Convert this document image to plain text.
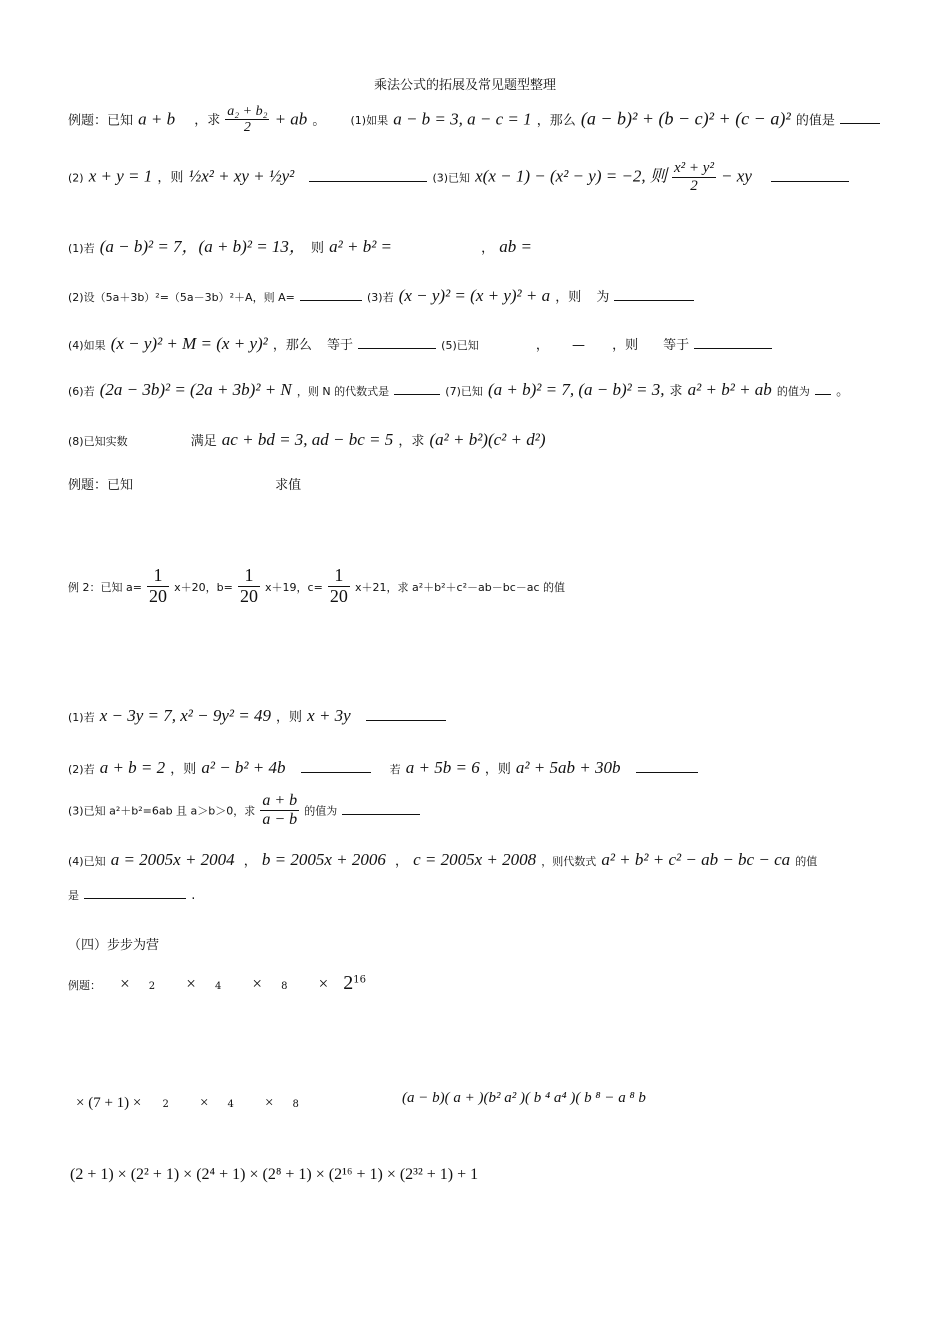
乘法公式的拓展及常见题型整理
例题：已知 a + b ，求 $\frac{\text{a₂ + b₂}}{2}$ + ab 。 (1)如果 a − b = 3, a − c = 1 ，那么 (a − b)² + (b − c)² + (c − a)² 的值是
(2) x + y = 1 ，则 ½x² + xy + ½y²	(3)已知 x(x − 1) − (x² − y) = −2, 则 $\frac{\text{x² + y²}}{2}$ − xy
(1)若 (a − b)² = 7，(a + b)² = 13， 则 a² + b² =	， ab =
(2)设（5a＋3b）²=（5a－3b）²＋A，则 A=	(3)若 (x − y)² = (x + y)² + a ，则 为
(4)如果 (x − y)² + M = (x + y)² ，那么 等于	(5)已知	， — ，则 等于
(6)若 (2a − 3b)² = (2a + 3b)² + N ，则 N 的代数式是	(7)已知 (a + b)² = 7, (a − b)² = 3, 求 a² + b² + ab 的值为 。
(8)已知实数	满足 ac + bd = 3, ad − bc = 5 ，求 (a² + b²)(c² + d²)
例题：已知	求值
例 2：已知 $a= \frac{1}{20} x+20$，$b= \frac{1}{20} x+19$，$c= \frac{1}{20} x+21$，求 a²＋b²＋c²－ab－bc－ac 的值
(1)若 x − 3y = 7, x² − 9y² = 49 ，则 x + 3y
(2)若 a + b = 2 ，则 a² − b² + 4b	若 a + 5b = 6 ，则 a² + 5ab + 30b
(3)已知 a²＋b²=6ab 且 a＞b＞0，求 $\frac{a + b}{a - b}$ 的值为
(4)已知 a = 2005x + 2004 ， b = 2005x + 2006 ， c = 2005x + 2008 ，则代数式 a² + b² + c² − ab − bc − ca 的值
是	.
（四）步步为营
例题： × $2 \times 4 \times 8 \times 2^{16}$
× (7 + 1) × 2 × 4 × 8	(a − b)( a + )(b² a² )( b ⁴ a⁴ )( b ⁸ − a ⁸ b
(2 + 1) × (2² + 1) × (2⁴ + 1) × (2⁸ + 1) × (2¹⁶ + 1) × (2³² + 1) + 1
